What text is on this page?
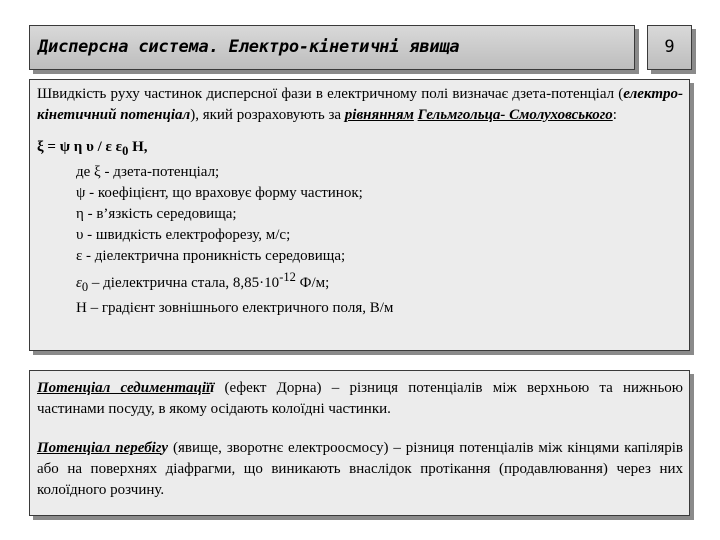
Дисперсна система. Електро-кінетичні явища	9

Швидкість руху частинок дисперсної фази в електричному полі визначає дзета-потенціал (електро-кінетичний потенціал), який розраховують за рівнянням Гельмгольца- Смолуховського:

ξ = ψ η υ / ε $\varepsilon_0$ Н,

де ξ - дзета-потенціал;

ψ - коефіцієнт, що враховує форму частинок;

η - в’язкість середовища;

υ - швидкість електрофорезу, м/с;

ε - діелектрична проникність середовища;

$\varepsilon_0$ – діелектрична стала, $8,85\cdot 10^{-12}$ Ф/м;

Н – градієнт зовнішнього електричного поля, В/м

Потенціал седиментаціїї (ефект Дорна) – різниця потенціалів між верхньою та нижньою частинами посуду, в якому осідають колоїдні частинки.

Потенціал перебігу (явище, зворотнє електроосмосу) – різниця потенціалів між кінцями капілярів або на поверхнях діафрагми, що виникають внаслідок протікання (продавлювання) через них колоїдного розчину.
